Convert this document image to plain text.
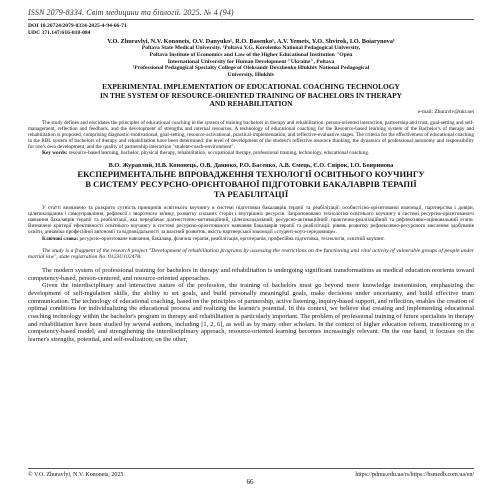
ISSN 2079-8334. Світ медицини та біології. 2025. № 4 (94)
DOI 10.26724/2079-8334-2025-4-94-66-71
UDC 371.147:616-018-084
V.O. Zhuravlyi, N.V. Kononets, O.V. Danyuko¹, R.O. Basenko¹, A.V. Yemets, Y.O. Shvirok, I.O. Boiarynova¹
Poltava State Medical University, ¹Poltava V.G. Korolenko National Pedagogical University,
Poltava Institute of Economics and Law of the Higher Educational Institution "Open
International University for Human Development "Ukraine", Poltava
¹Professional Pedagogical Specialty College of Oleksandr Dovzhenko Hlukhiv National Pedagogical
University, Hlukhiv
EXPERIMENTAL IMPLEMENTATION OF EDUCATIONAL COACHING TECHNOLOGY
IN THE SYSTEM OF RESOURCE-ORIENTED TRAINING OF BACHELORS IN THERAPY
AND REHABILITATION
e-mail: Zhuravlv@ukr.net
The study defines and elucidates the principles of educational coaching in the system of training bachelors in therapy and rehabilitation: person-oriented interaction, partnership and trust, goal-setting and self-management, reflection and feedback, and the development of strengths and internal resources. A technology of educational coaching for the Resource-based learning system of the Bachelor's of therapy and rehabilitation is proposed, comprising diagnostic-motivational, goal-setting, resource-activational, practical-implementation, and reflective-evaluative stages. The criteria for the effectiveness of educational coaching in the RBL system of bachelors of therapy and rehabilitation have been determined: the level of development of the student's reflective resource thinking, the dynamics of professional autonomy and responsibility for one's own development, and the quality of partnership interaction "student-coach-environment".
Key words: resource-based learning, bachelor, physical therapy, rehabilitation, occupational therapy, professional training, technology, educational coaching.
В.О. Журавлий, Н.В. Кононець, О.В. Данюко, Р.О. Басенко, А.В. Ємець, Є.О. Свірок, І.О. Бояринова
ЕКСПЕРИМЕНТАЛЬНЕ ВПРОВАДЖЕННЯ ТЕХНОЛОГІЇ ОСВІТНЬОГО КОУЧИНГУ
В СИСТЕМУ РЕСУРСНО-ОРІЄНТОВАНОЇ ПІДГОТОВКИ БАКАЛАВРІВ ТЕРАПІЇ
ТА РЕАБІЛІТАЦІЇ
У статті визначено та розкрито сутність принципів освітнього коучингу в системі підготовки бакалаврів терапії та реабілітації: особистісно-орієнтованої взаємодії, партнерства і довіри, цілепокладання і самоуправління, рефлексії і зворотного зв'язку, розвитку сильних сторін і внутрішніх ресурсів. Запропоновано технологію освітнього коучингу в системі ресурсно-орієнтованого навчання бакалаврів терапії та реабілітації, яка передбачає діагностично-мотиваційний, цілепокладальний, ресурсно-активаційний, практично-реалізаційний та рефлексивно-оцінювальний етапи. Визначено критерії ефективності освітнього коучингу в системі ресурсно-орієнтованого навчання бакалаврів терапії та реабілітації: рівень розвитку рефлексивно-ресурсного мислення здобувачів освіти, динаміка професійної автономії та відповідальності за власний розвиток, якість партнерської взаємодії «студент-коуч-середовище».
Ключові слова: ресурсно-орієнтоване навчання, бакалавр, фізична терапія, реабілітація, ерготерапія, професійна підготовка, технологія, освітній коучинг.
The study is a fragment of the research project "Development of rehabilitation programs by assessing the restrictions on the functioning and vital activity of vulnerable groups of people under martial law", state registration No. 0123U102478.
The modern system of professional training for bachelors in therapy and rehabilitation is undergoing significant transformations as medical education reorients toward competency-based, person-centered, and resource-oriented approaches.
Given the interdisciplinary and interactive nature of the profession, the training of bachelors must go beyond mere knowledge transmission, emphasizing the development of self-regulation skills, the ability to set goals, and build personally meaningful goals, make decisions under uncertainty, and build effective team communication. The technology of educational coaching, based on the principles of partnership, active listening, inquiry-based support, and reflection, enables the creation of optimal conditions for individualizing the educational process and realizing the learner's potential. In this context, we believe that creating and implementing educational coaching technology within the bachelor's program in therapy and rehabilitation is particularly important. The problem of professional training of future specialists in therapy and rehabilitation have been studied by several authors, including [1, 2, 6], as well as by many other scholars. In the context of higher education reform, transitioning to a competency-based model, and strengthening the interdisciplinary approach, resource-oriented learning becomes increasingly relevant. On the one hand, it focuses on the learner's strengths, potential, and self-realization; on the other,
© V.O. Zhuravlyi, N.V. Kononets, 2025	https://pdmu.edu.ua/rs/https://bsmedb.com.ua/en/
66
